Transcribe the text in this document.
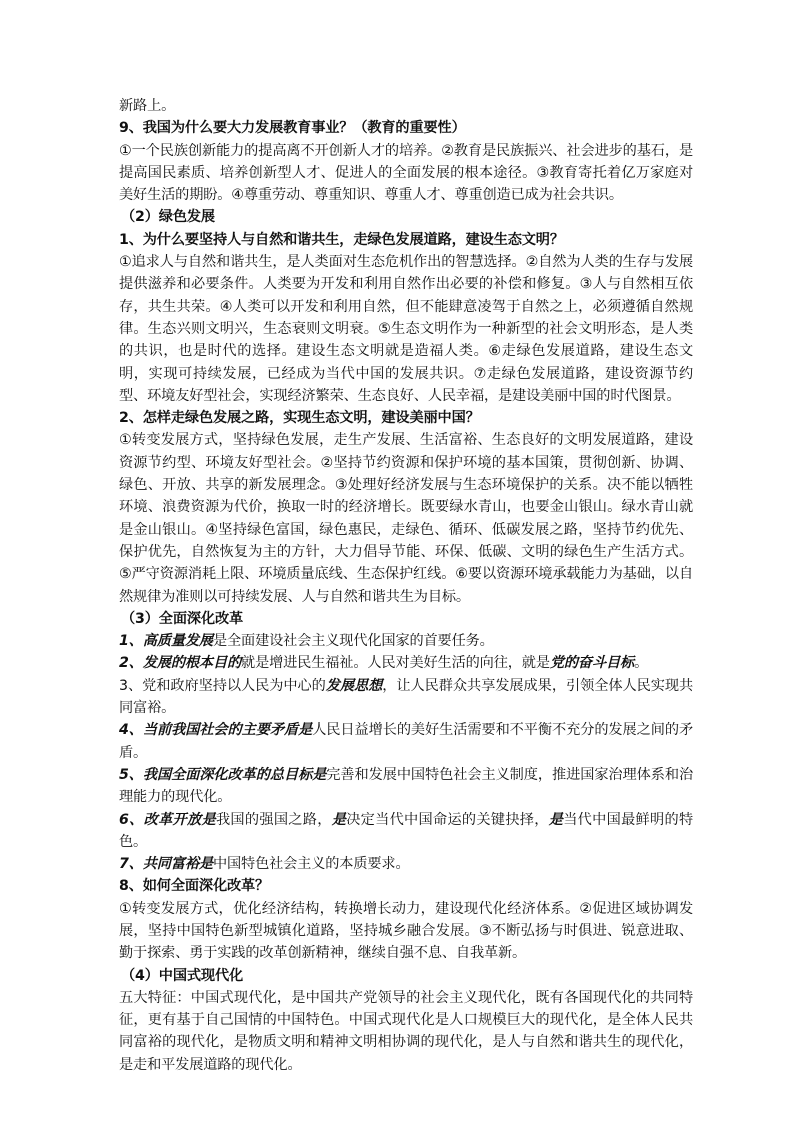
新路上。

9、我国为什么要大力发展教育事业？（教育的重要性）

①一个民族创新能力的提高离不开创新人才的培养。②教育是民族振兴、社会进步的基石，是提高国民素质、培养创新型人才、促进人的全面发展的根本途径。③教育寄托着亿万家庭对美好生活的期盼。④尊重劳动、尊重知识、尊重人才、尊重创造已成为社会共识。

（2）绿色发展

1、为什么要坚持人与自然和谐共生，走绿色发展道路，建设生态文明？

①追求人与自然和谐共生，是人类面对生态危机作出的智慧选择。②自然为人类的生存与发展提供滋养和必要条件。人类要为开发和利用自然作出必要的补偿和修复。③人与自然相互依存，共生共荣。④人类可以开发和利用自然，但不能肆意凌驾于自然之上，必须遵循自然规律。生态兴则文明兴，生态衰则文明衰。⑤生态文明作为一种新型的社会文明形态，是人类的共识，也是时代的选择。建设生态文明就是造福人类。⑥走绿色发展道路，建设生态文明，实现可持续发展，已经成为当代中国的发展共识。⑦走绿色发展道路，建设资源节约型、环境友好型社会，实现经济繁荣、生态良好、人民幸福，是建设美丽中国的时代图景。

2、怎样走绿色发展之路，实现生态文明，建设美丽中国？

①转变发展方式，坚持绿色发展，走生产发展、生活富裕、生态良好的文明发展道路，建设资源节约型、环境友好型社会。②坚持节约资源和保护环境的基本国策，贯彻创新、协调、绿色、开放、共享的新发展理念。③处理好经济发展与生态环境保护的关系。决不能以牺牲环境、浪费资源为代价，换取一时的经济增长。既要绿水青山，也要金山银山。绿水青山就是金山银山。④坚持绿色富国，绿色惠民，走绿色、循环、低碳发展之路，坚持节约优先、保护优先，自然恢复为主的方针，大力倡导节能、环保、低碳、文明的绿色生产生活方式。⑤严守资源消耗上限、环境质量底线、生态保护红线。⑥要以资源环境承载能力为基础，以自然规律为准则以可持续发展、人与自然和谐共生为目标。

（3）全面深化改革

1、高质量发展是全面建设社会主义现代化国家的首要任务。

2、发展的根本目的就是增进民生福祉。人民对美好生活的向往，就是党的奋斗目标。

3、党和政府坚持以人民为中心的发展思想，让人民群众共享发展成果，引领全体人民实现共同富裕。

4、当前我国社会的主要矛盾是人民日益增长的美好生活需要和不平衡不充分的发展之间的矛盾。

5、我国全面深化改革的总目标是完善和发展中国特色社会主义制度，推进国家治理体系和治理能力的现代化。

6、改革开放是我国的强国之路，是决定当代中国命运的关键抉择，是当代中国最鲜明的特色。

7、共同富裕是中国特色社会主义的本质要求。

8、如何全面深化改革？

①转变发展方式，优化经济结构，转换增长动力，建设现代化经济体系。②促进区域协调发展，坚持中国特色新型城镇化道路，坚持城乡融合发展。③不断弘扬与时俱进、锐意进取、勤于探索、勇于实践的改革创新精神，继续自强不息、自我革新。

（4）中国式现代化

五大特征：中国式现代化，是中国共产党领导的社会主义现代化，既有各国现代化的共同特征，更有基于自己国情的中国特色。中国式现代化是人口规模巨大的现代化，是全体人民共同富裕的现代化，是物质文明和精神文明相协调的现代化，是人与自然和谐共生的现代化，是走和平发展道路的现代化。
